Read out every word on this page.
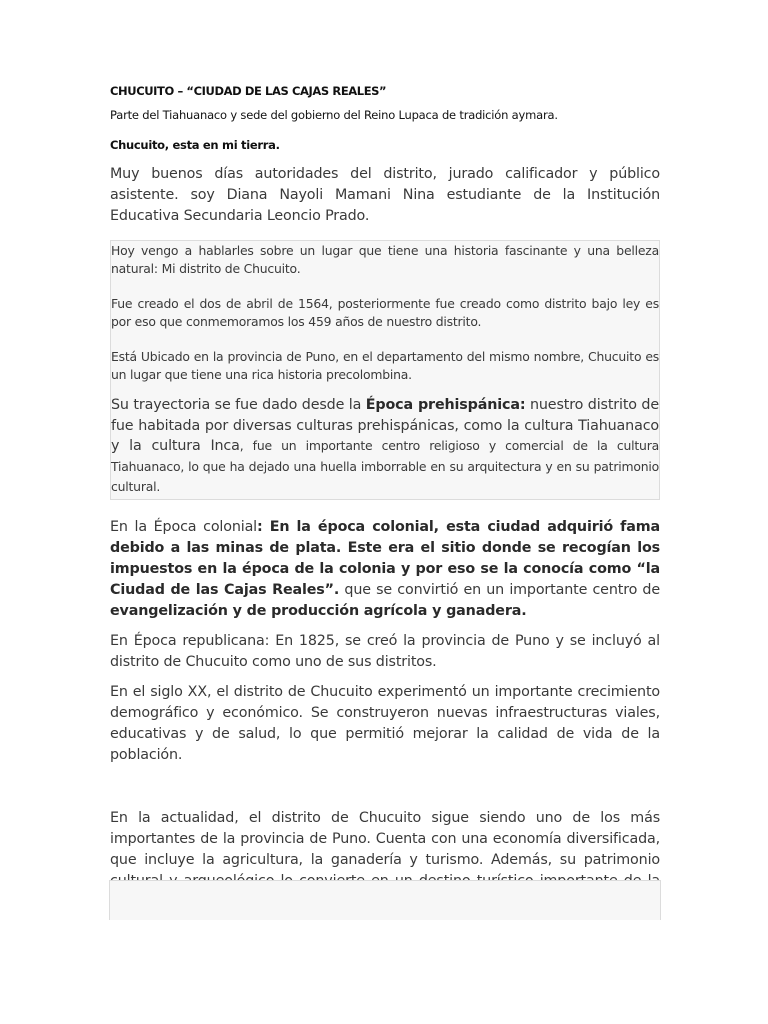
CHUCUITO – “CIUDAD DE LAS CAJAS REALES”

Parte del Tiahuanaco y sede del gobierno del Reino Lupaca de tradición aymara.

Chucuito, esta en mi tierra.

Muy buenos días autoridades del distrito, jurado calificador y público asistente. soy Diana Nayoli Mamani Nina estudiante de la Institución Educativa Secundaria Leoncio Prado.

Hoy vengo a hablarles sobre un lugar que tiene una historia fascinante y una belleza natural: Mi distrito de Chucuito.

Fue creado el dos de abril de 1564, posteriormente fue creado como distrito bajo ley es por eso que conmemoramos los 459 años de nuestro distrito.

Está Ubicado en la provincia de Puno, en el departamento del mismo nombre, Chucuito es un lugar que tiene una rica historia precolombina.

Su trayectoria se fue dado desde la Época prehispánica: nuestro distrito de fue habitada por diversas culturas prehispánicas, como la cultura Tiahuanaco y la cultura Inca, fue un importante centro religioso y comercial de la cultura Tiahuanaco, lo que ha dejado una huella imborrable en su arquitectura y en su patrimonio cultural.

En la Época colonial: En la época colonial, esta ciudad adquirió fama debido a las minas de plata. Este era el sitio donde se recogían los impuestos en la época de la colonia y por eso se la conocía como “la Ciudad de las Cajas Reales”. que se convirtió en un importante centro de evangelización y de producción agrícola y ganadera.

En Época republicana: En 1825, se creó la provincia de Puno y se incluyó al distrito de Chucuito como uno de sus distritos.

En el siglo XX, el distrito de Chucuito experimentó un importante crecimiento demográfico y económico. Se construyeron nuevas infraestructuras viales, educativas y de salud, lo que permitió mejorar la calidad de vida de la población.

En la actualidad, el distrito de Chucuito sigue siendo uno de los más importantes de la provincia de Puno. Cuenta con una economía diversificada, que incluye la agricultura, la ganadería y turismo. Además, su patrimonio
